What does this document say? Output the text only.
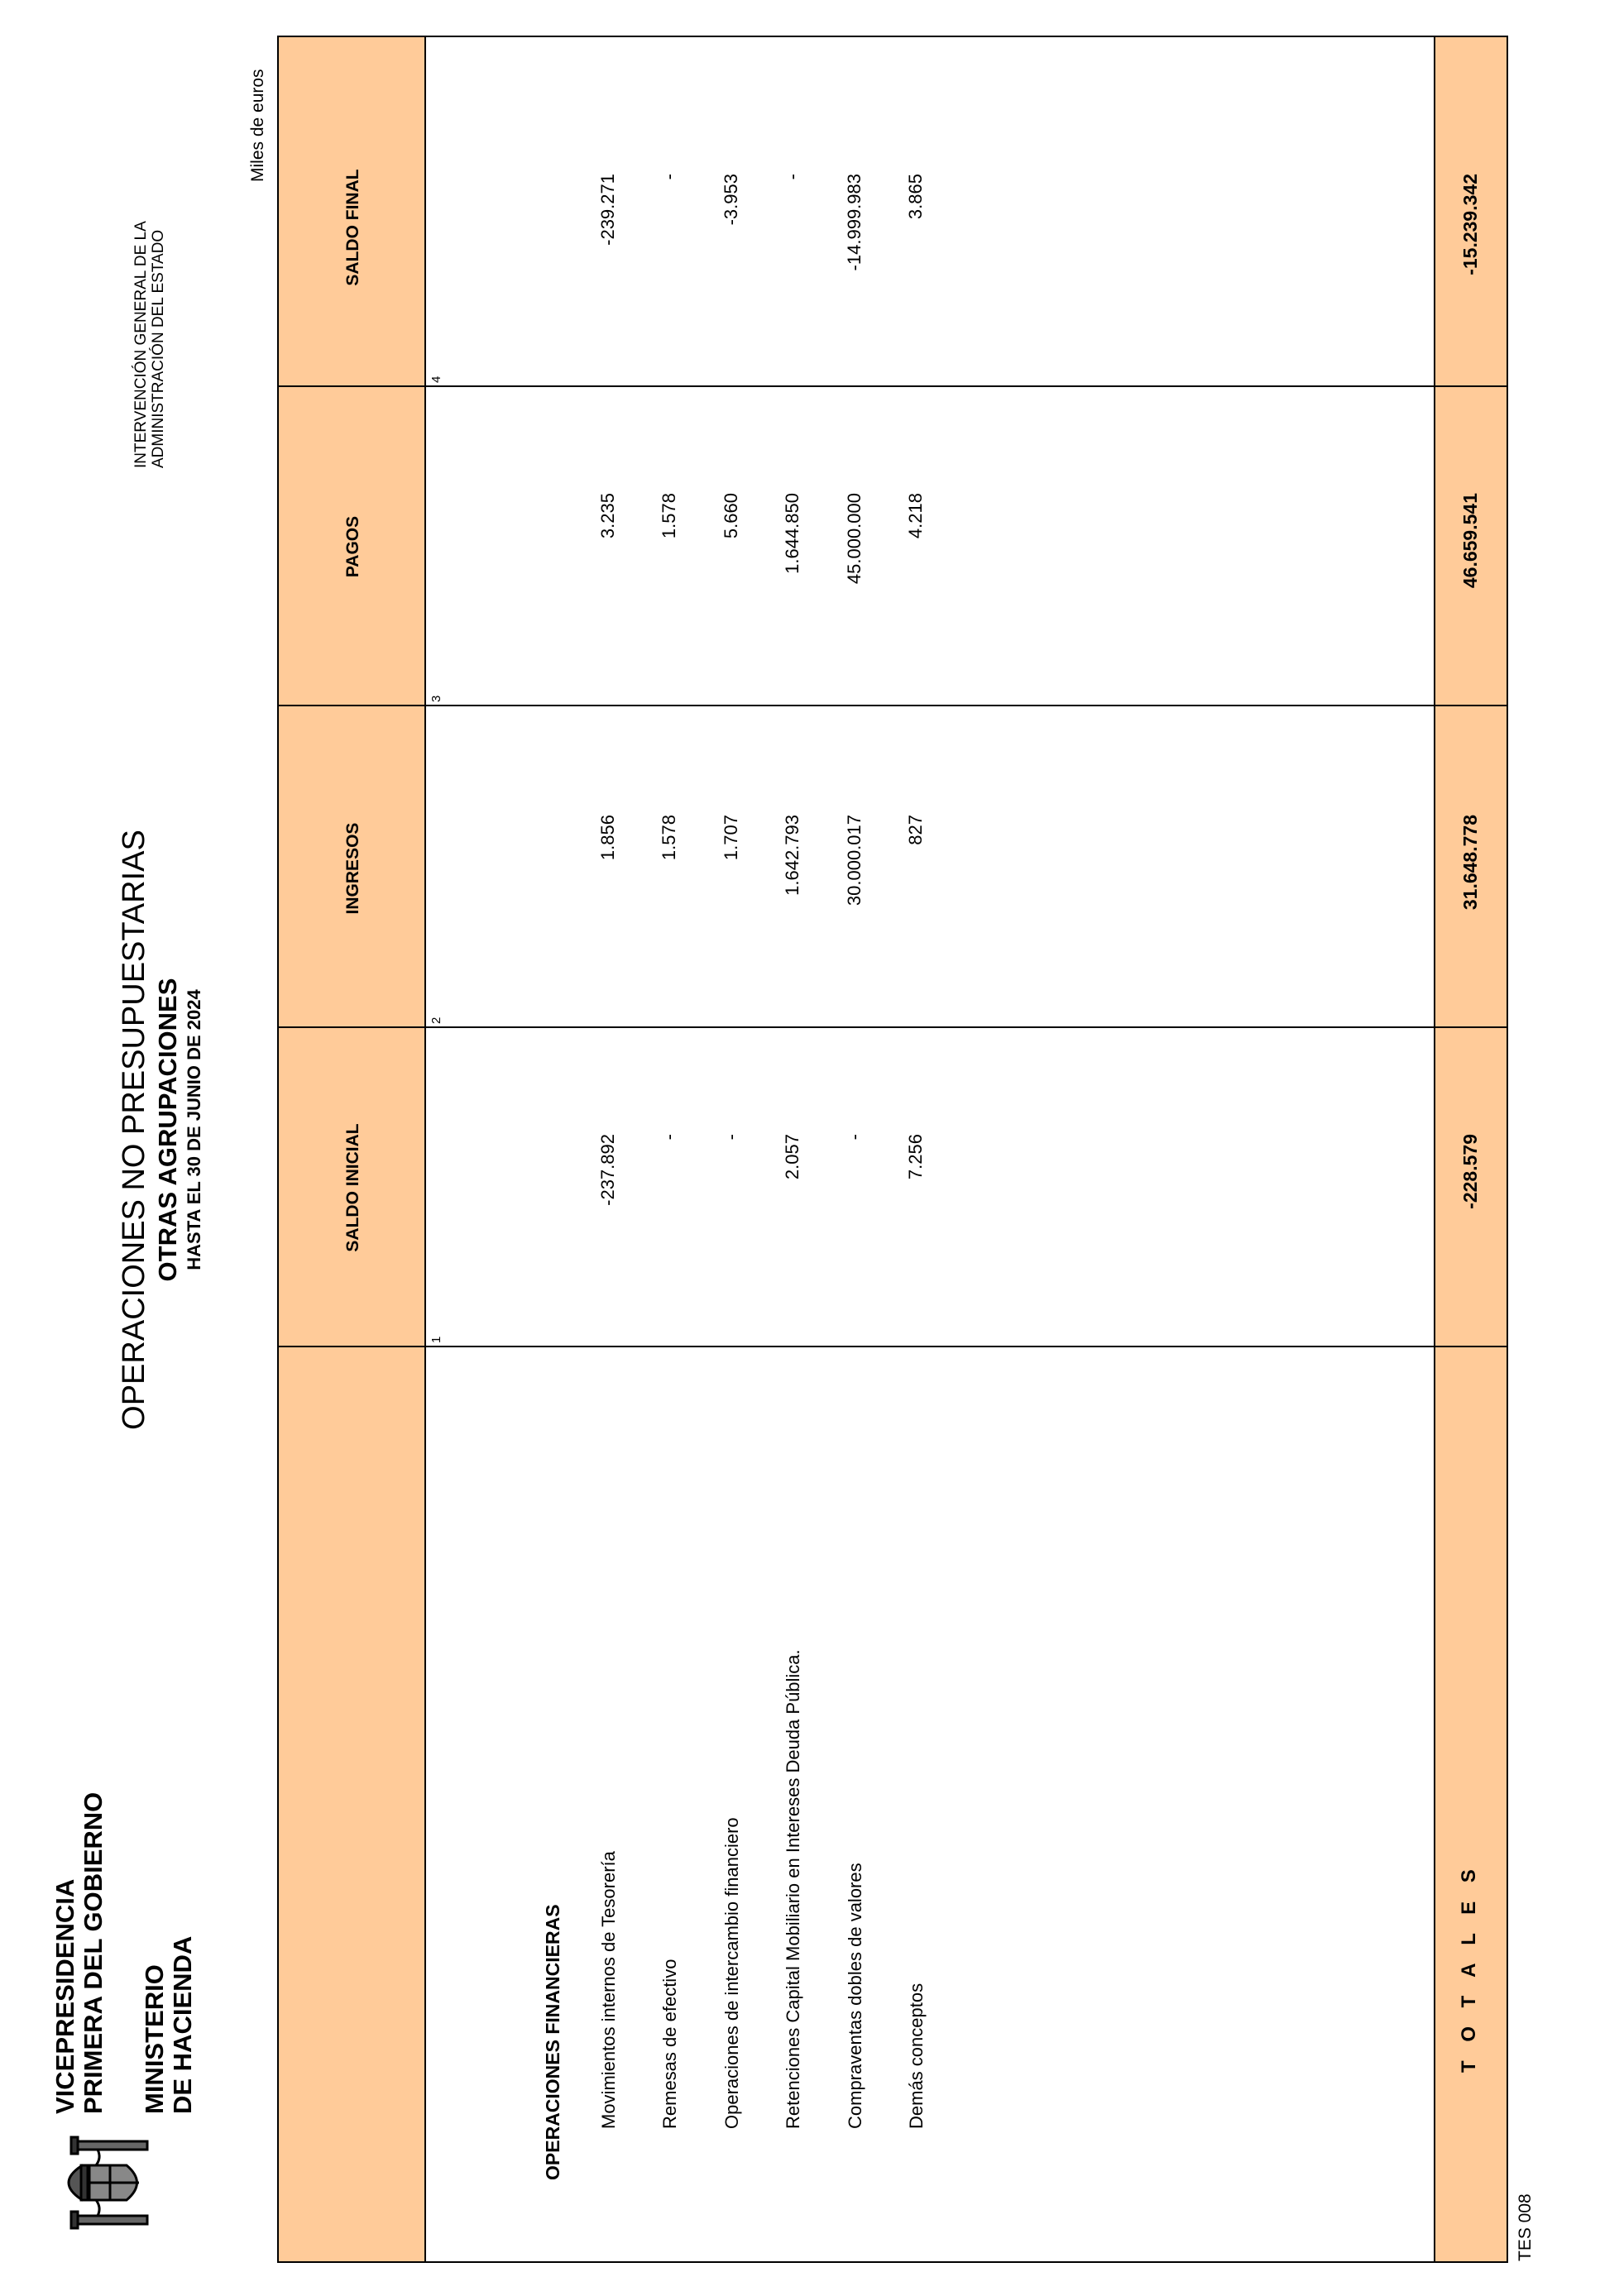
VICEPRESIDENCIA PRIMERA DEL GOBIERNO MINISTERIO DE HACIENDA
OPERACIONES NO PRESUPUESTARIAS OTRAS AGRUPACIONES HASTA EL 30 DE JUNIO DE 2024
INTERVENCIÓN GENERAL DE LA ADMINISTRACIÓN DEL ESTADO
Miles de euros
SALDO INICIAL
INGRESOS
PAGOS
SALDO FINAL
1
2
3
4
OPERACIONES FINANCIERAS Movimientos internos de Tesorería
-237.892
1.856
3.235
-239.271
Remesas de efectivo
-
1.578
1.578
-
Operaciones de intercambio financiero
-
1.707
5.660
-3.953
Retenciones Capital Mobiliario en Intereses Deuda Pública.
2.057
1.642.793
1.644.850
-
Compraventas dobles de valores
-
30.000.017
45.000.000
-14.999.983
Demás conceptos
7.256
827
4.218
3.865
T O T A L E S
-228.579
31.648.778
46.659.541
-15.239.342
TES 008
